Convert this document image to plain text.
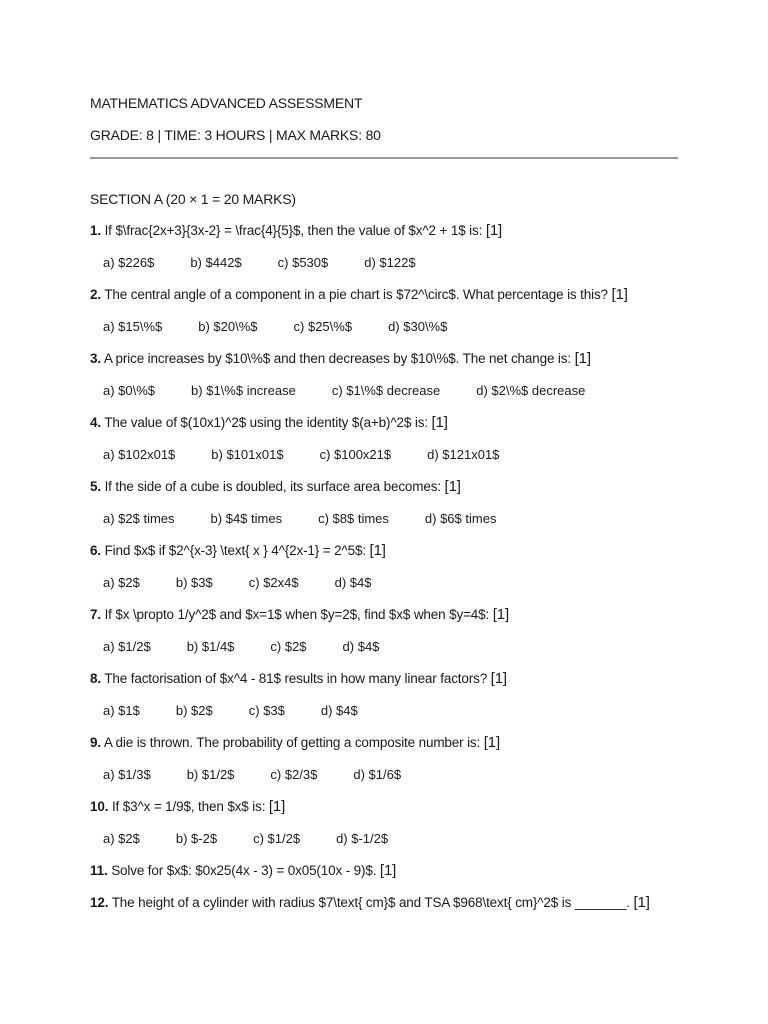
MATHEMATICS ADVANCED ASSESSMENT
GRADE: 8 | TIME: 3 HOURS | MAX MARKS: 80
SECTION A (20 × 1 = 20 MARKS)
1. If $\frac{2x+3}{3x-2} = \frac{4}{5}$, then the value of $x^2 + 1$ is: [1]
a) $226$	b) $442$	c) $530$	d) $122$
2. The central angle of a component in a pie chart is $72^\circ$. What percentage is this? [1]
a) $15\%$	b) $20\%$	c) $25\%$	d) $30\%$
3. A price increases by $10\%$ and then decreases by $10\%$. The net change is: [1]
a) $0\%$	b) $1\%$ increase	c) $1\%$ decrease	d) $2\%$ decrease
4. The value of $(10x1)^2$ using the identity $(a+b)^2$ is: [1]
a) $102x01$	b) $101x01$	c) $100x21$	d) $121x01$
5. If the side of a cube is doubled, its surface area becomes: [1]
a) $2$ times	b) $4$ times	c) $8$ times	d) $6$ times
6. Find $x$ if $2^{x-3} \text{ x } 4^{2x-1} = 2^5$: [1]
a) $2$	b) $3$	c) $2x4$	d) $4$
7. If $x \propto 1/y^2$ and $x=1$ when $y=2$, find $x$ when $y=4$: [1]
a) $1/2$	b) $1/4$	c) $2$	d) $4$
8. The factorisation of $x^4 - 81$ results in how many linear factors? [1]
a) $1$	b) $2$	c) $3$	d) $4$
9. A die is thrown. The probability of getting a composite number is: [1]
a) $1/3$	b) $1/2$	c) $2/3$	d) $1/6$
10. If $3^x = 1/9$, then $x$ is: [1]
a) $2$	b) $-2$	c) $1/2$	d) $-1/2$
11. Solve for $x$: $0x25(4x - 3) = 0x05(10x - 9)$. [1]
12. The height of a cylinder with radius $7\text{ cm}$ and TSA $968\text{ cm}^2$ is _______. [1]
